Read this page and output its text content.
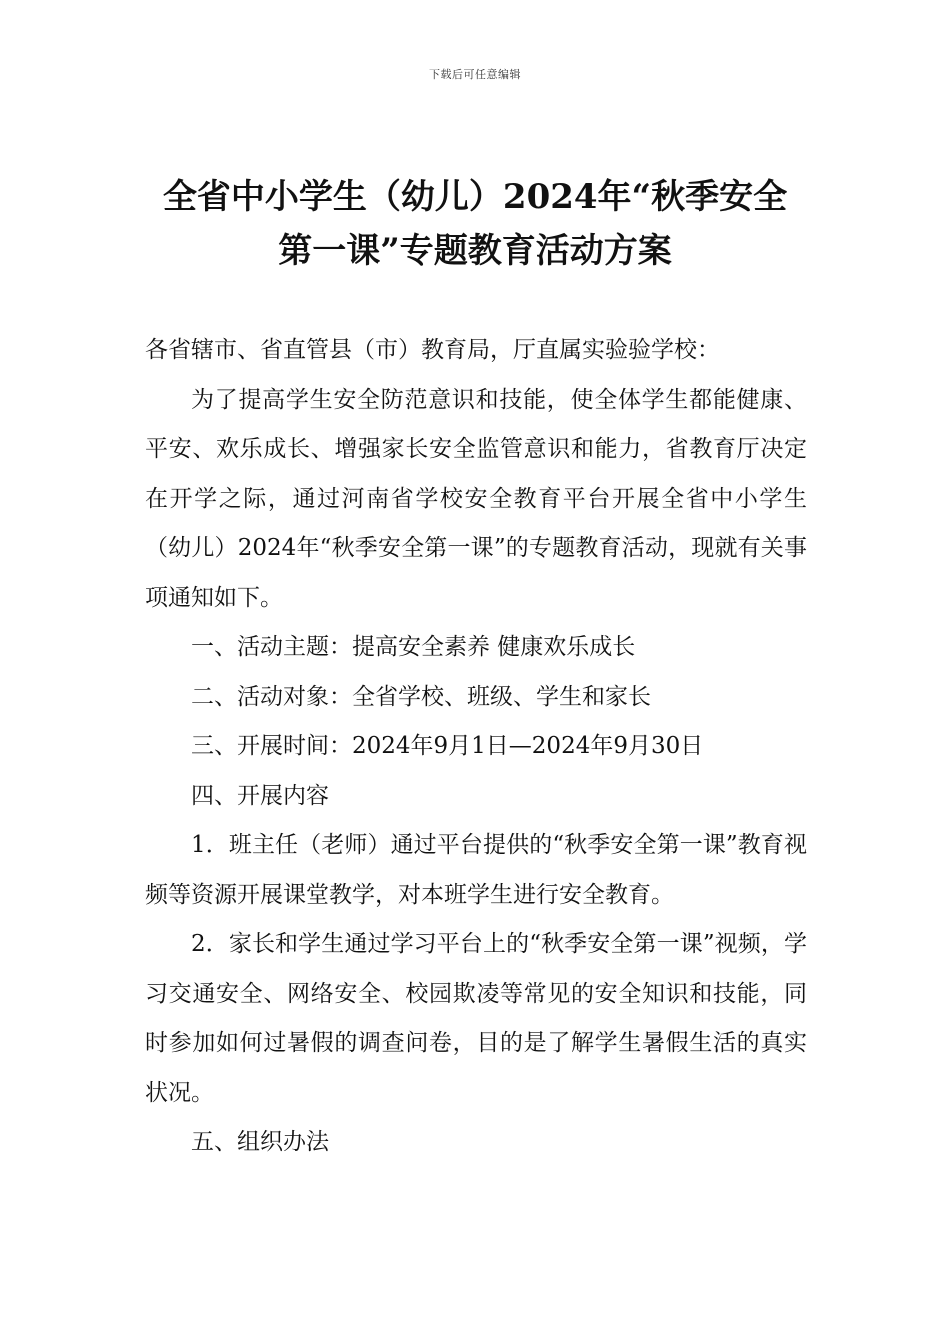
下载后可任意编辑
全省中小学生（幼儿）2024年“秋季安全
第一课”专题教育活动方案

各省辖市、省直管县（市）教育局，厅直属实验验学校：

为了提高学生安全防范意识和技能，使全体学生都能健康、平安、欢乐成长、增强家长安全监管意识和能力，省教育厅决定在开学之际，通过河南省学校安全教育平台开展全省中小学生（幼儿）2024年“秋季安全第一课”的专题教育活动，现就有关事项通知如下。

一、活动主题：提高安全素养 健康欢乐成长

二、活动对象：全省学校、班级、学生和家长

三、开展时间：2024年9月1日—2024年9月30日

四、开展内容

1．班主任（老师）通过平台提供的“秋季安全第一课”教育视频等资源开展课堂教学，对本班学生进行安全教育。

2．家长和学生通过学习平台上的“秋季安全第一课”视频，学习交通安全、网络安全、校园欺凌等常见的安全知识和技能，同时参加如何过暑假的调查问卷，目的是了解学生暑假生活的真实状况。

五、组织办法
